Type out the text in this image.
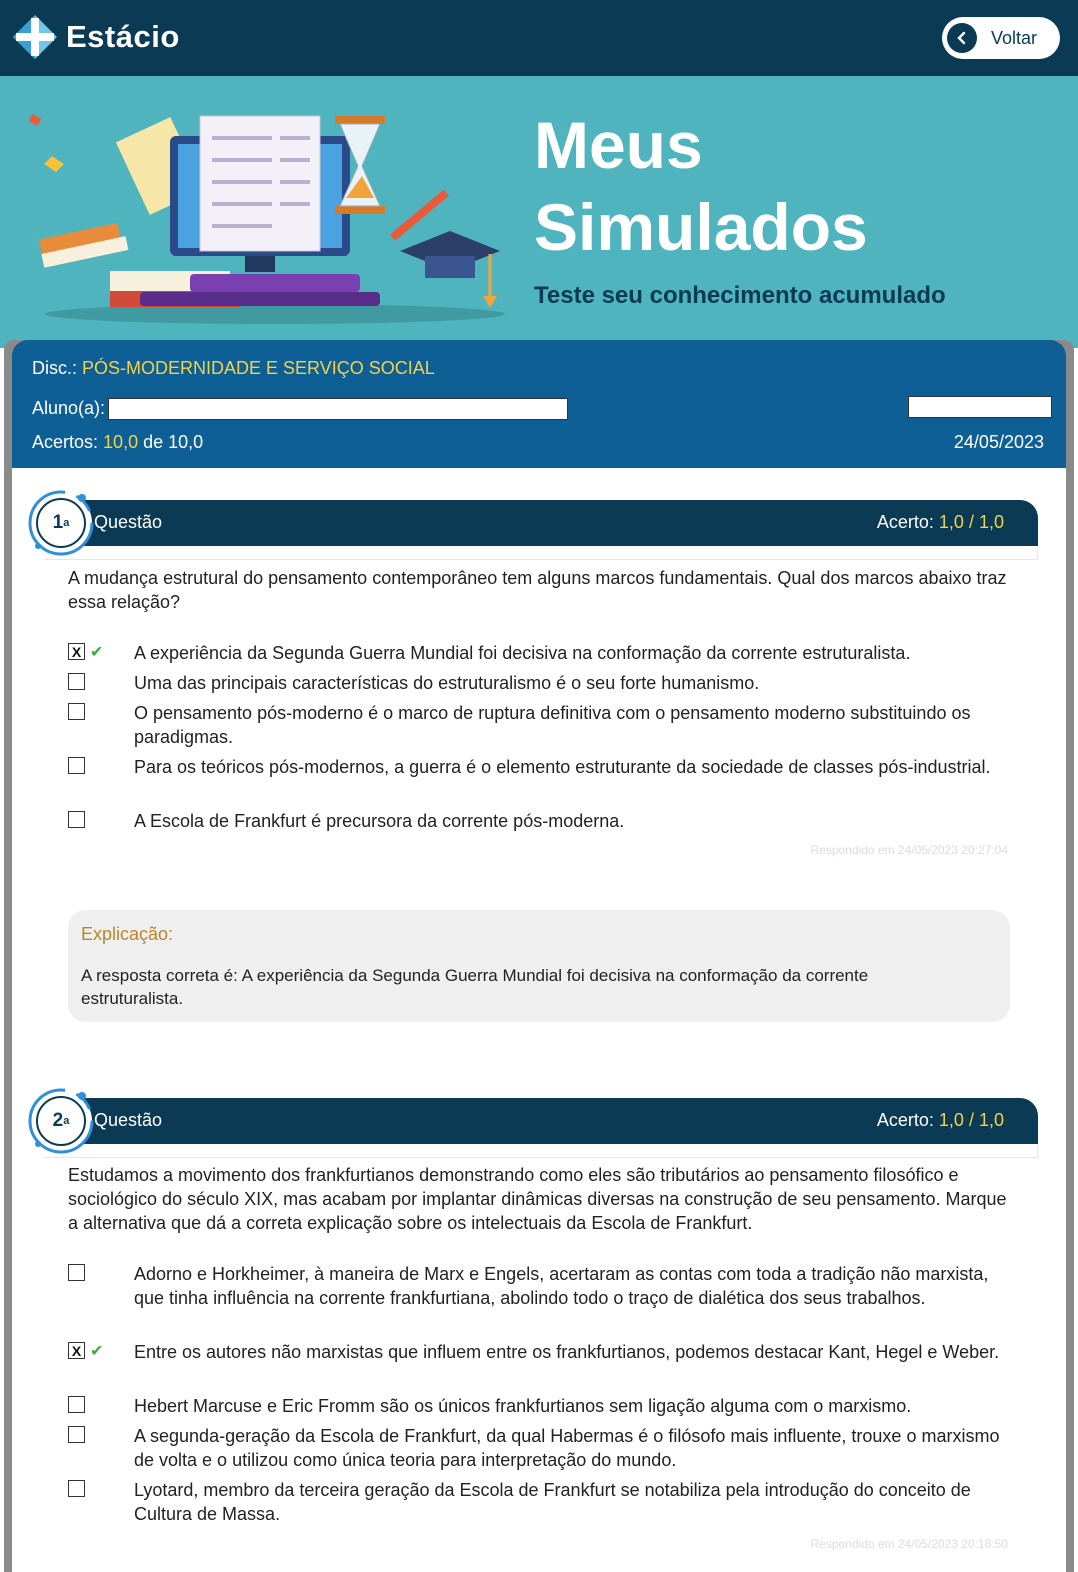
Estácio	Voltar
Meus
Simulados
Teste seu conhecimento acumulado
Disc.: PÓS-MODERNIDADE E SERVIÇO SOCIAL
Aluno(a):
Acertos: 10,0 de 10,0	24/05/2023
Questão	Acerto: 1,0 / 1,0
1 a
A mudança estrutural do pensamento contemporâneo tem alguns marcos fundamentais. Qual dos marcos abaixo traz essa relação?
X ✔ A experiência da Segunda Guerra Mundial foi decisiva na conformação da corrente estruturalista.
Uma das principais características do estruturalismo é o seu forte humanismo.
O pensamento pós-moderno é o marco de ruptura definitiva com o pensamento moderno substituindo os paradigmas.
Para os teóricos pós-modernos, a guerra é o elemento estruturante da sociedade de classes pós-industrial.
A Escola de Frankfurt é precursora da corrente pós-moderna.
Respondido em 24/05/2023 20:27:04
Explicação:
A resposta correta é: A experiência da Segunda Guerra Mundial foi decisiva na conformação da corrente estruturalista.
Questão	Acerto: 1,0 / 1,0
2 a
Estudamos a movimento dos frankfurtianos demonstrando como eles são tributários ao pensamento filosófico e sociológico do século XIX, mas acabam por implantar dinâmicas diversas na construção de seu pensamento. Marque a alternativa que dá a correta explicação sobre os intelectuais da Escola de Frankfurt.
Adorno e Horkheimer, à maneira de Marx e Engels, acertaram as contas com toda a tradição não marxista, que tinha influência na corrente frankfurtiana, abolindo todo o traço de dialética dos seus trabalhos.
X ✔ Entre os autores não marxistas que influem entre os frankfurtianos, podemos destacar Kant, Hegel e Weber.
Hebert Marcuse e Eric Fromm são os únicos frankfurtianos sem ligação alguma com o marxismo.
A segunda-geração da Escola de Frankfurt, da qual Habermas é o filósofo mais influente, trouxe o marxismo de volta e o utilizou como única teoria para interpretação do mundo.
Lyotard, membro da terceira geração da Escola de Frankfurt se notabiliza pela introdução do conceito de Cultura de Massa.
Respondido em 24/05/2023 20:18:50
